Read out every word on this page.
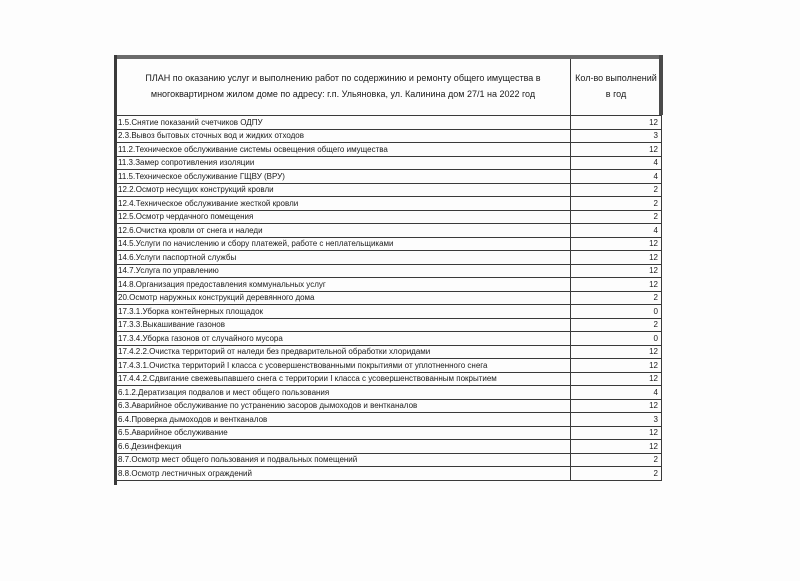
ПЛАН по оказанию услуг и выполнению работ по содержинию и ремонту общего имущества в многоквартирном жилом доме по адресу: г.п. Ульяновка, ул. Калинина дом 27/1 на 2022 год	Кол-во выполнений в год
1.5.Снятие показаний счетчиков ОДПУ	12
2.3.Вывоз бытовых сточных вод и жидких отходов	3
11.2.Техническое обслуживание системы освещения общего имущества	12
11.3.Замер сопротивления изоляции	4
11.5.Техническое обслуживание ГЩВУ (ВРУ)	4
12.2.Осмотр несущих конструкций кровли	2
12.4.Техническое обслуживание жесткой кровли	2
12.5.Осмотр чердачного помещения	2
12.6.Очистка кровли от снега и наледи	4
14.5.Услуги по начислению и сбору платежей, работе с неплательщиками	12
14.6.Услуги паспортной службы	12
14.7.Услуга по управлению	12
14.8.Организация предоставления коммунальных услуг	12
20.Осмотр наружных конструкций деревянного дома	2
17.3.1.Уборка контейнерных площадок	0
17.3.3.Выкашивание газонов	2
17.3.4.Уборка газонов от случайного мусора	0
17.4.2.2.Очистка территорий от наледи без предварительной обработки хлоридами	12
17.4.3.1.Очистка территорий I класса с усовершенствованными покрытиями от уплотненного снега	12
17.4.4.2.Сдвигание свежевыпавшего снега с территории I класса с усовершенствованным покрытием	12
6.1.2.Дератизация подвалов и мест общего пользования	4
6.3.Аварийное обслуживание по устранению засоров дымоходов и вентканалов	12
6.4.Проверка дымоходов и вентканалов	3
6.5.Аварийное обслуживание	12
6.6.Дезинфекция	12
8.7.Осмотр мест общего пользования и подвальных помещений	2
8.8.Осмотр лестничных ограждений	2
